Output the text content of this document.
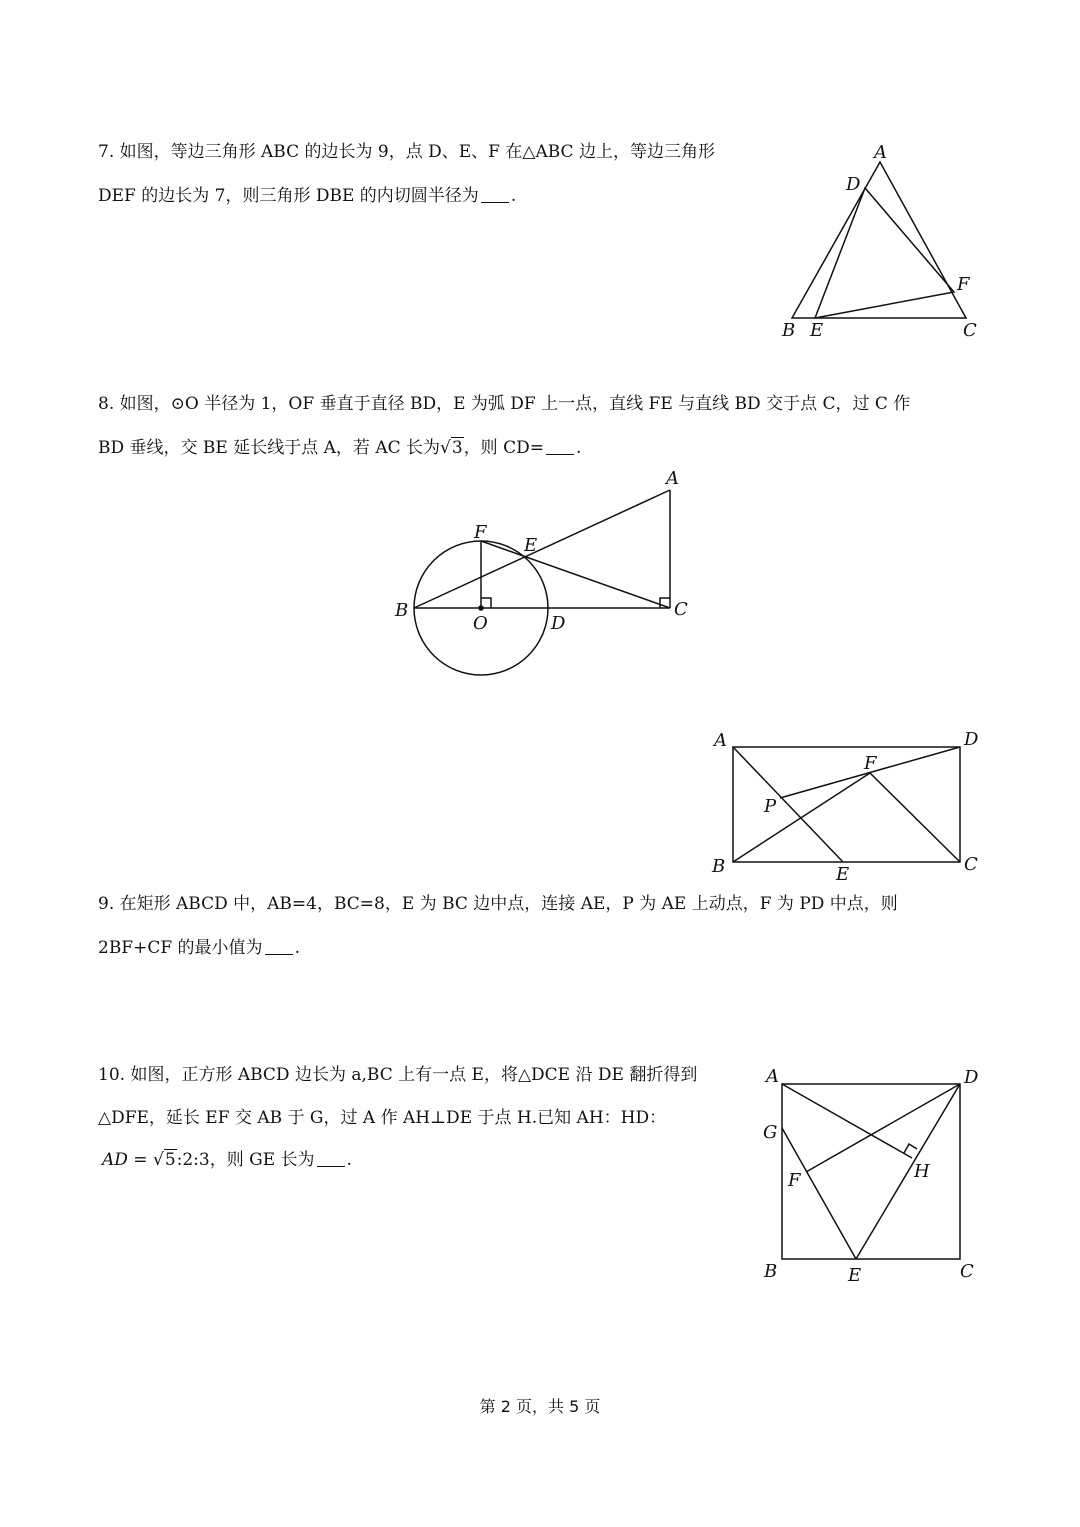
7. 如图，等边三角形 ABC 的边长为 9，点 D、E、F 在△ABC 边上，等边三角形
DEF 的边长为 7，则三角形 DBE 的内切圆半径为 .
A
D
F
B E	C
8. 如图，⊙O 半径为 1，OF 垂直于直径 BD，E 为弧 DF 上一点，直线 FE 与直线 BD 交于点 C，过 C 作
BD 垂线，交 BE 延长线于点 A，若 AC 长为√3，则 CD= .
A
F
E
B
O	D
C
A	D
F
P
B	E	C
9. 在矩形 ABCD 中，AB=4，BC=8，E 为 BC 边中点，连接 AE，P 为 AE 上动点，F 为 PD 中点，则
2BF+CF 的最小值为 .
10. 如图，正方形 ABCD 边长为 a,BC 上有一点 E，将△DCE 沿 DE 翻折得到
△DFE，延长 EF 交 AB 于 G，过 A 作 AH⊥DE 于点 H.已知 AH：HD：
AD = √5:2:3，则 GE 长为 .
A	D
G
H
F
B	E	C
第 2 页，共 5 页
